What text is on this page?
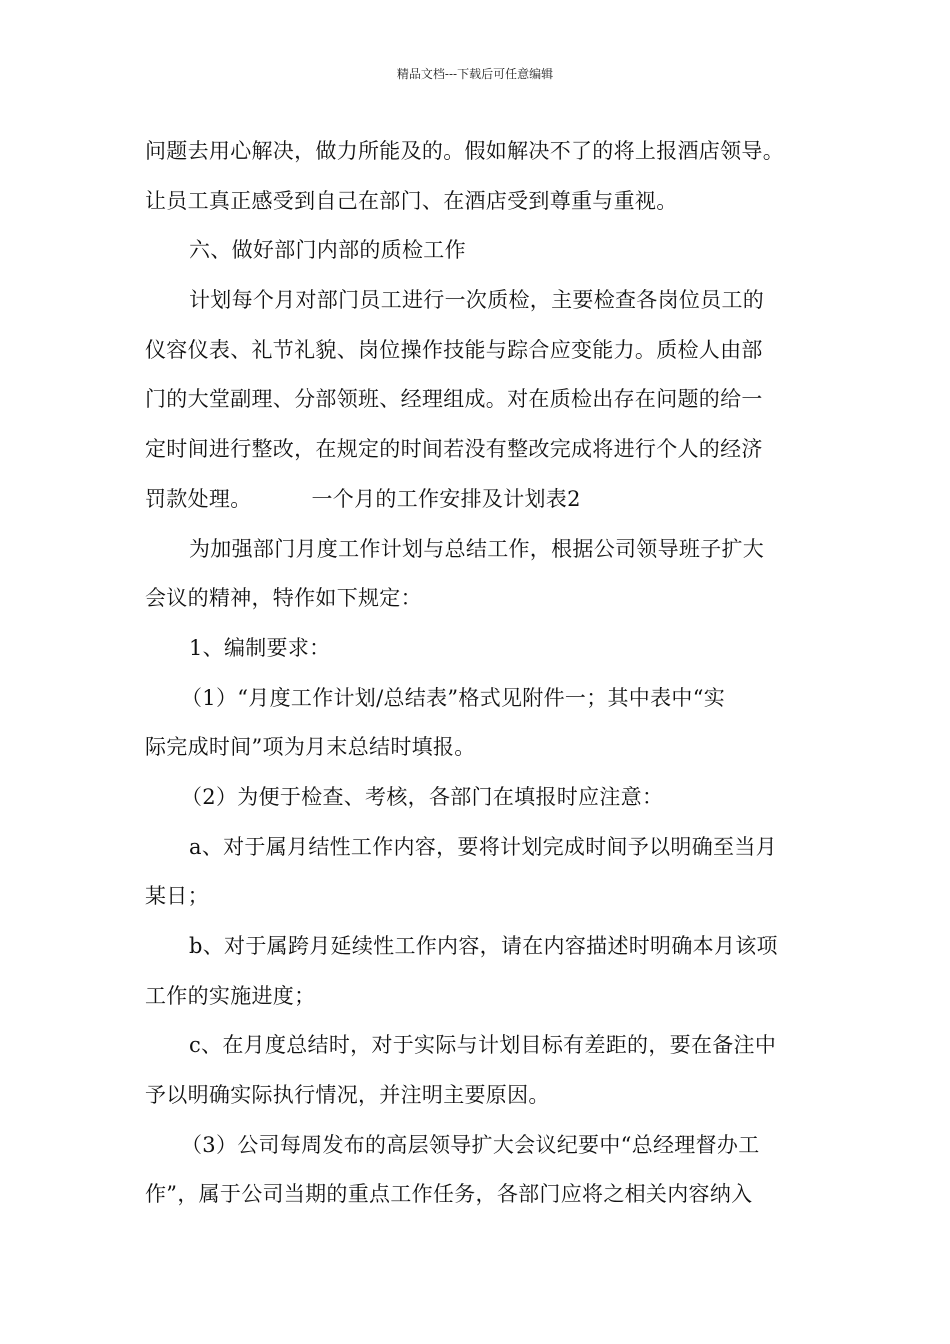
精品文档---下载后可任意编辑
问题去用心解决，做力所能及的。假如解决不了的将上报酒店领导。
让员工真正感受到自己在部门、在酒店受到尊重与重视。
六、做好部门内部的质检工作
计划每个月对部门员工进行一次质检，主要检查各岗位员工的
仪容仪表、礼节礼貌、岗位操作技能与踪合应变能力。质检人由部
门的大堂副理、分部领班、经理组成。对在质检出存在问题的给一
定时间进行整改，在规定的时间若没有整改完成将进行个人的经济
罚款处理。	一个月的工作安排及计划表2
为加强部门月度工作计划与总结工作，根据公司领导班子扩大
会议的精神，特作如下规定：
1、编制要求：
（1）“月度工作计划/总结表”格式见附件一；其中表中“实
际完成时间”项为月末总结时填报。
（2）为便于检查、考核，各部门在填报时应注意：
a、对于属月结性工作内容，要将计划完成时间予以明确至当月
某日；
b、对于属跨月延续性工作内容，请在内容描述时明确本月该项
工作的实施进度；
c、在月度总结时，对于实际与计划目标有差距的，要在备注中
予以明确实际执行情况，并注明主要原因。
（3）公司每周发布的高层领导扩大会议纪要中“总经理督办工
作”，属于公司当期的重点工作任务，各部门应将之相关内容纳入
